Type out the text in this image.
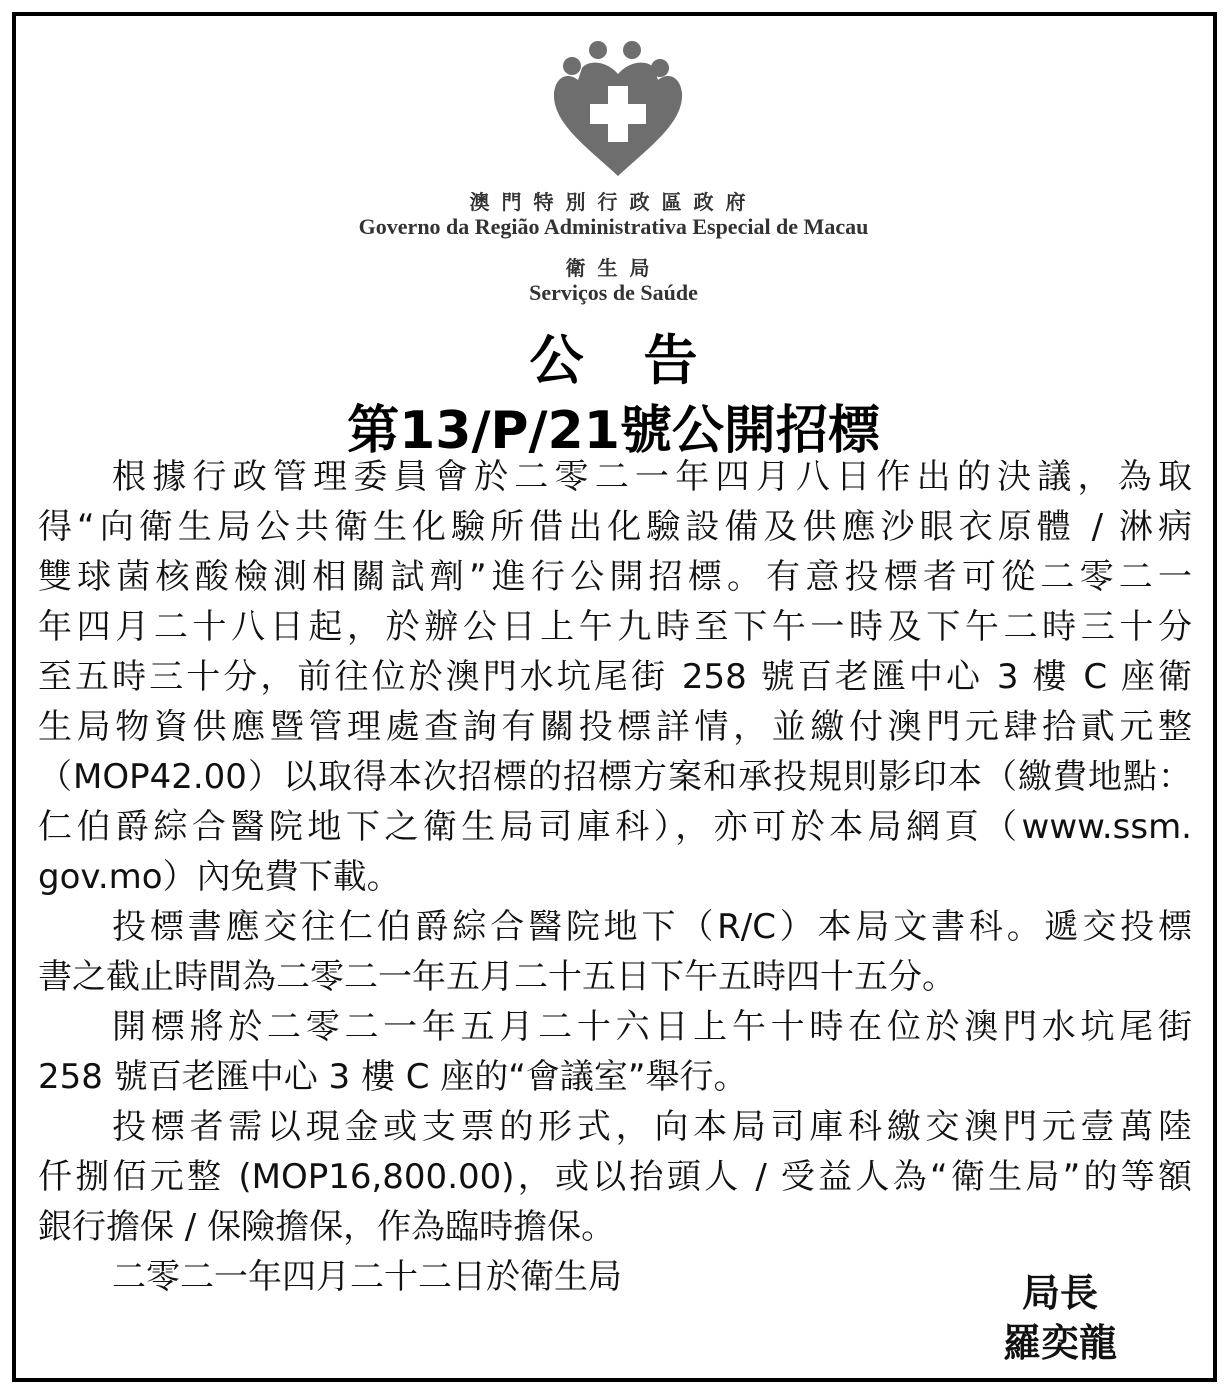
澳門特別行政區政府
Governo da Região Administrativa Especial de Macau
衛生局
Serviços de Saúde
公告
第13/P/21號公開招標
根據行政管理委員會於二零二一年四月八日作出的決議，為取
得“向衛生局公共衛生化驗所借出化驗設備及供應沙眼衣原體 / 淋病
雙球菌核酸檢測相關試劑”進行公開招標。有意投標者可從二零二一
年四月二十八日起，於辦公日上午九時至下午一時及下午二時三十分
至五時三十分，前往位於澳門水坑尾街 258 號百老匯中心 3 樓 C 座衛
生局物資供應暨管理處查詢有關投標詳情，並繳付澳門元肆拾貳元整
（MOP42.00）以取得本次招標的招標方案和承投規則影印本（繳費地點：
仁伯爵綜合醫院地下之衛生局司庫科），亦可於本局網頁（www.ssm.
gov.mo）內免費下載。
投標書應交往仁伯爵綜合醫院地下（R/C）本局文書科。遞交投標
書之截止時間為二零二一年五月二十五日下午五時四十五分。
開標將於二零二一年五月二十六日上午十時在位於澳門水坑尾街
258 號百老匯中心 3 樓 C 座的“會議室”舉行。
投標者需以現金或支票的形式，向本局司庫科繳交澳門元壹萬陸
仟捌佰元整 (MOP16,800.00)，或以抬頭人 / 受益人為“衛生局”的等額
銀行擔保 / 保險擔保，作為臨時擔保。
二零二一年四月二十二日於衛生局	局長
羅奕龍
